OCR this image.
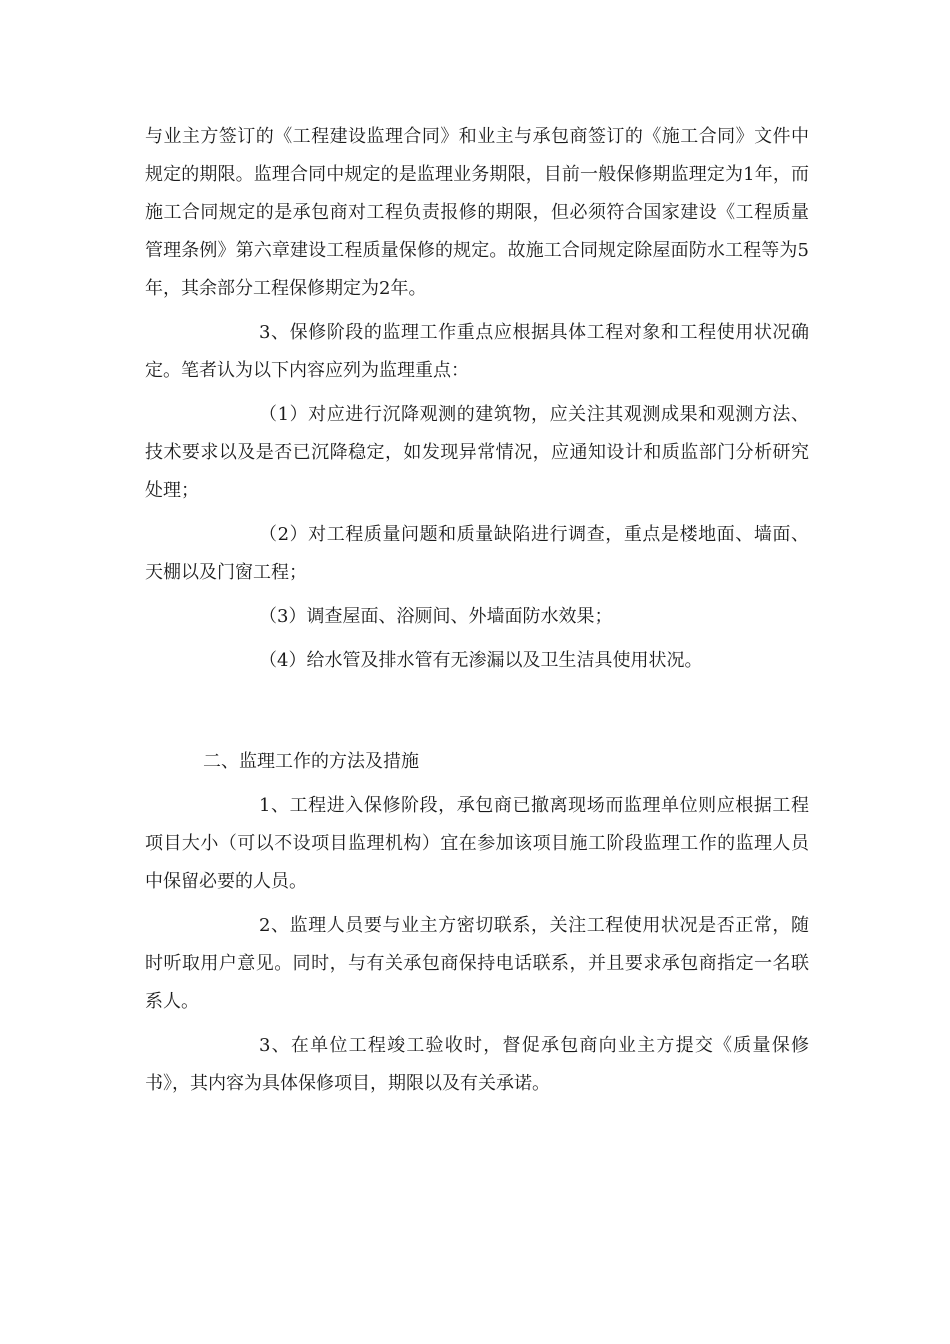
与业主方签订的《工程建设监理合同》和业主与承包商签订的《施工合同》文件中规定的期限。监理合同中规定的是监理业务期限，目前一般保修期监理定为1年，而施工合同规定的是承包商对工程负责报修的期限，但必须符合国家建设《工程质量管理条例》第六章建设工程质量保修的规定。故施工合同规定除屋面防水工程等为5年，其余部分工程保修期定为2年。

3、保修阶段的监理工作重点应根据具体工程对象和工程使用状况确定。笔者认为以下内容应列为监理重点：

（1）对应进行沉降观测的建筑物，应关注其观测成果和观测方法、技术要求以及是否已沉降稳定，如发现异常情况，应通知设计和质监部门分析研究处理；

（2）对工程质量问题和质量缺陷进行调查，重点是楼地面、墙面、天棚以及门窗工程；

（3）调查屋面、浴厕间、外墙面防水效果；

（4）给水管及排水管有无渗漏以及卫生洁具使用状况。

二、监理工作的方法及措施

1、工程进入保修阶段，承包商已撤离现场而监理单位则应根据工程项目大小（可以不设项目监理机构）宜在参加该项目施工阶段监理工作的监理人员中保留必要的人员。

2、监理人员要与业主方密切联系，关注工程使用状况是否正常，随时听取用户意见。同时，与有关承包商保持电话联系，并且要求承包商指定一名联系人。

3、在单位工程竣工验收时，督促承包商向业主方提交《质量保修书》，其内容为具体保修项目，期限以及有关承诺。
